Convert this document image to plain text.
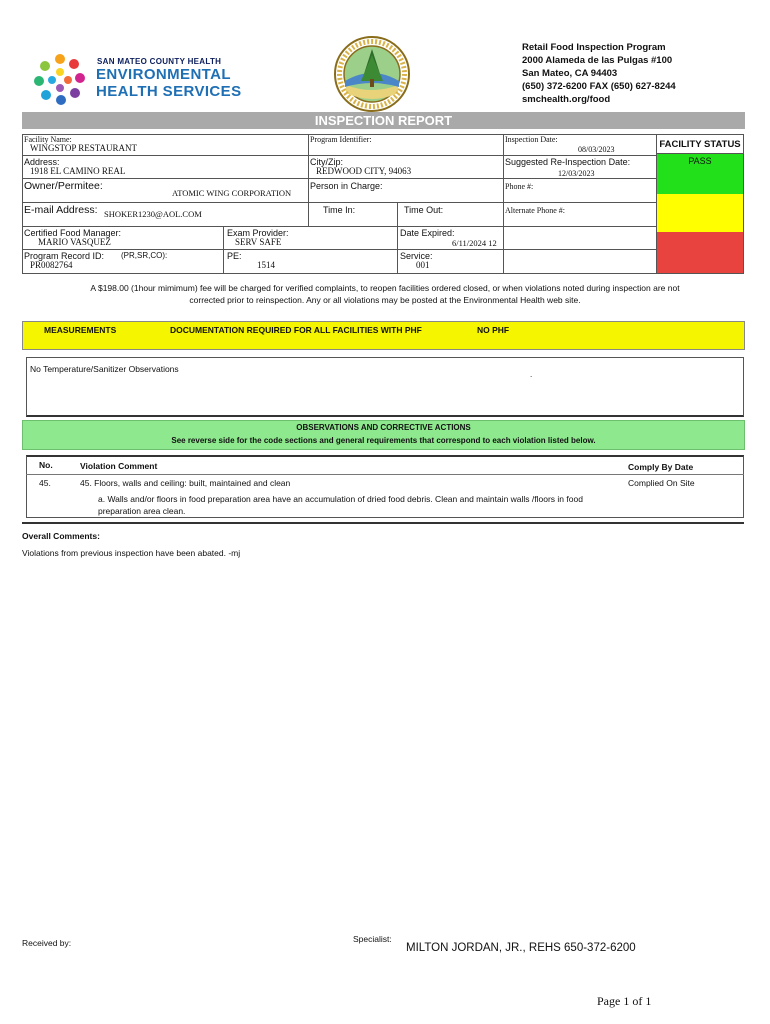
SAN MATEO COUNTY HEALTH
ENVIRONMENTAL
HEALTH SERVICES
Retail Food Inspection Program
2000 Alameda de las Pulgas #100
San Mateo, CA 94403
(650) 372-6200 FAX (650) 627-8244
smchealth.org/food
INSPECTION REPORT
Facility Name:
WINGSTOP RESTAURANT
Program Identifier:	Inspection Date:
08/03/2023
Address:
1918 EL CAMINO REAL
City/Zip:
REDWOOD CITY, 94063
Suggested Re-Inspection Date:
12/03/2023
Owner/Permitee:
ATOMIC WING CORPORATION
Person in Charge:	Phone #:
E-mail Address: SHOKER1230@AOL.COM	Time In:	Time Out:	Alternate Phone #:
Certified Food Manager:
MARIO VASQUEZ
Exam Provider:
SERV SAFE
Date Expired:
6/11/2024 12
Program Record ID: (PR,SR,CO):
PR0082764
PE:
1514
Service:
001
FACILITY STATUS
PASS
A $198.00 (1hour mimimum) fee will be charged for verified complaints, to reopen facilities ordered closed, or when violations noted during inspection are not
corrected prior to reinspection. Any or all violations may be posted at the Environmental Health web site.
MEASUREMENTS	DOCUMENTATION REQUIRED FOR ALL FACILITIES WITH PHF	NO PHF
No Temperature/Sanitizer Observations
.
OBSERVATIONS AND CORRECTIVE ACTIONS
See reverse side for the code sections and general requirements that correspond to each violation listed below.
No.	Violation Comment	Comply By Date
45.	45. Floors, walls and ceiling: built, maintained and clean	Complied On Site
a. Walls and/or floors in food preparation area have an accumulation of dried food debris. Clean and maintain walls /floors in food
preparation area clean.
Overall Comments:
Violations from previous inspection have been abated. -mj
Received by:	Specialist:
MILTON JORDAN, JR., REHS 650-372-6200
Page 1 of 1
